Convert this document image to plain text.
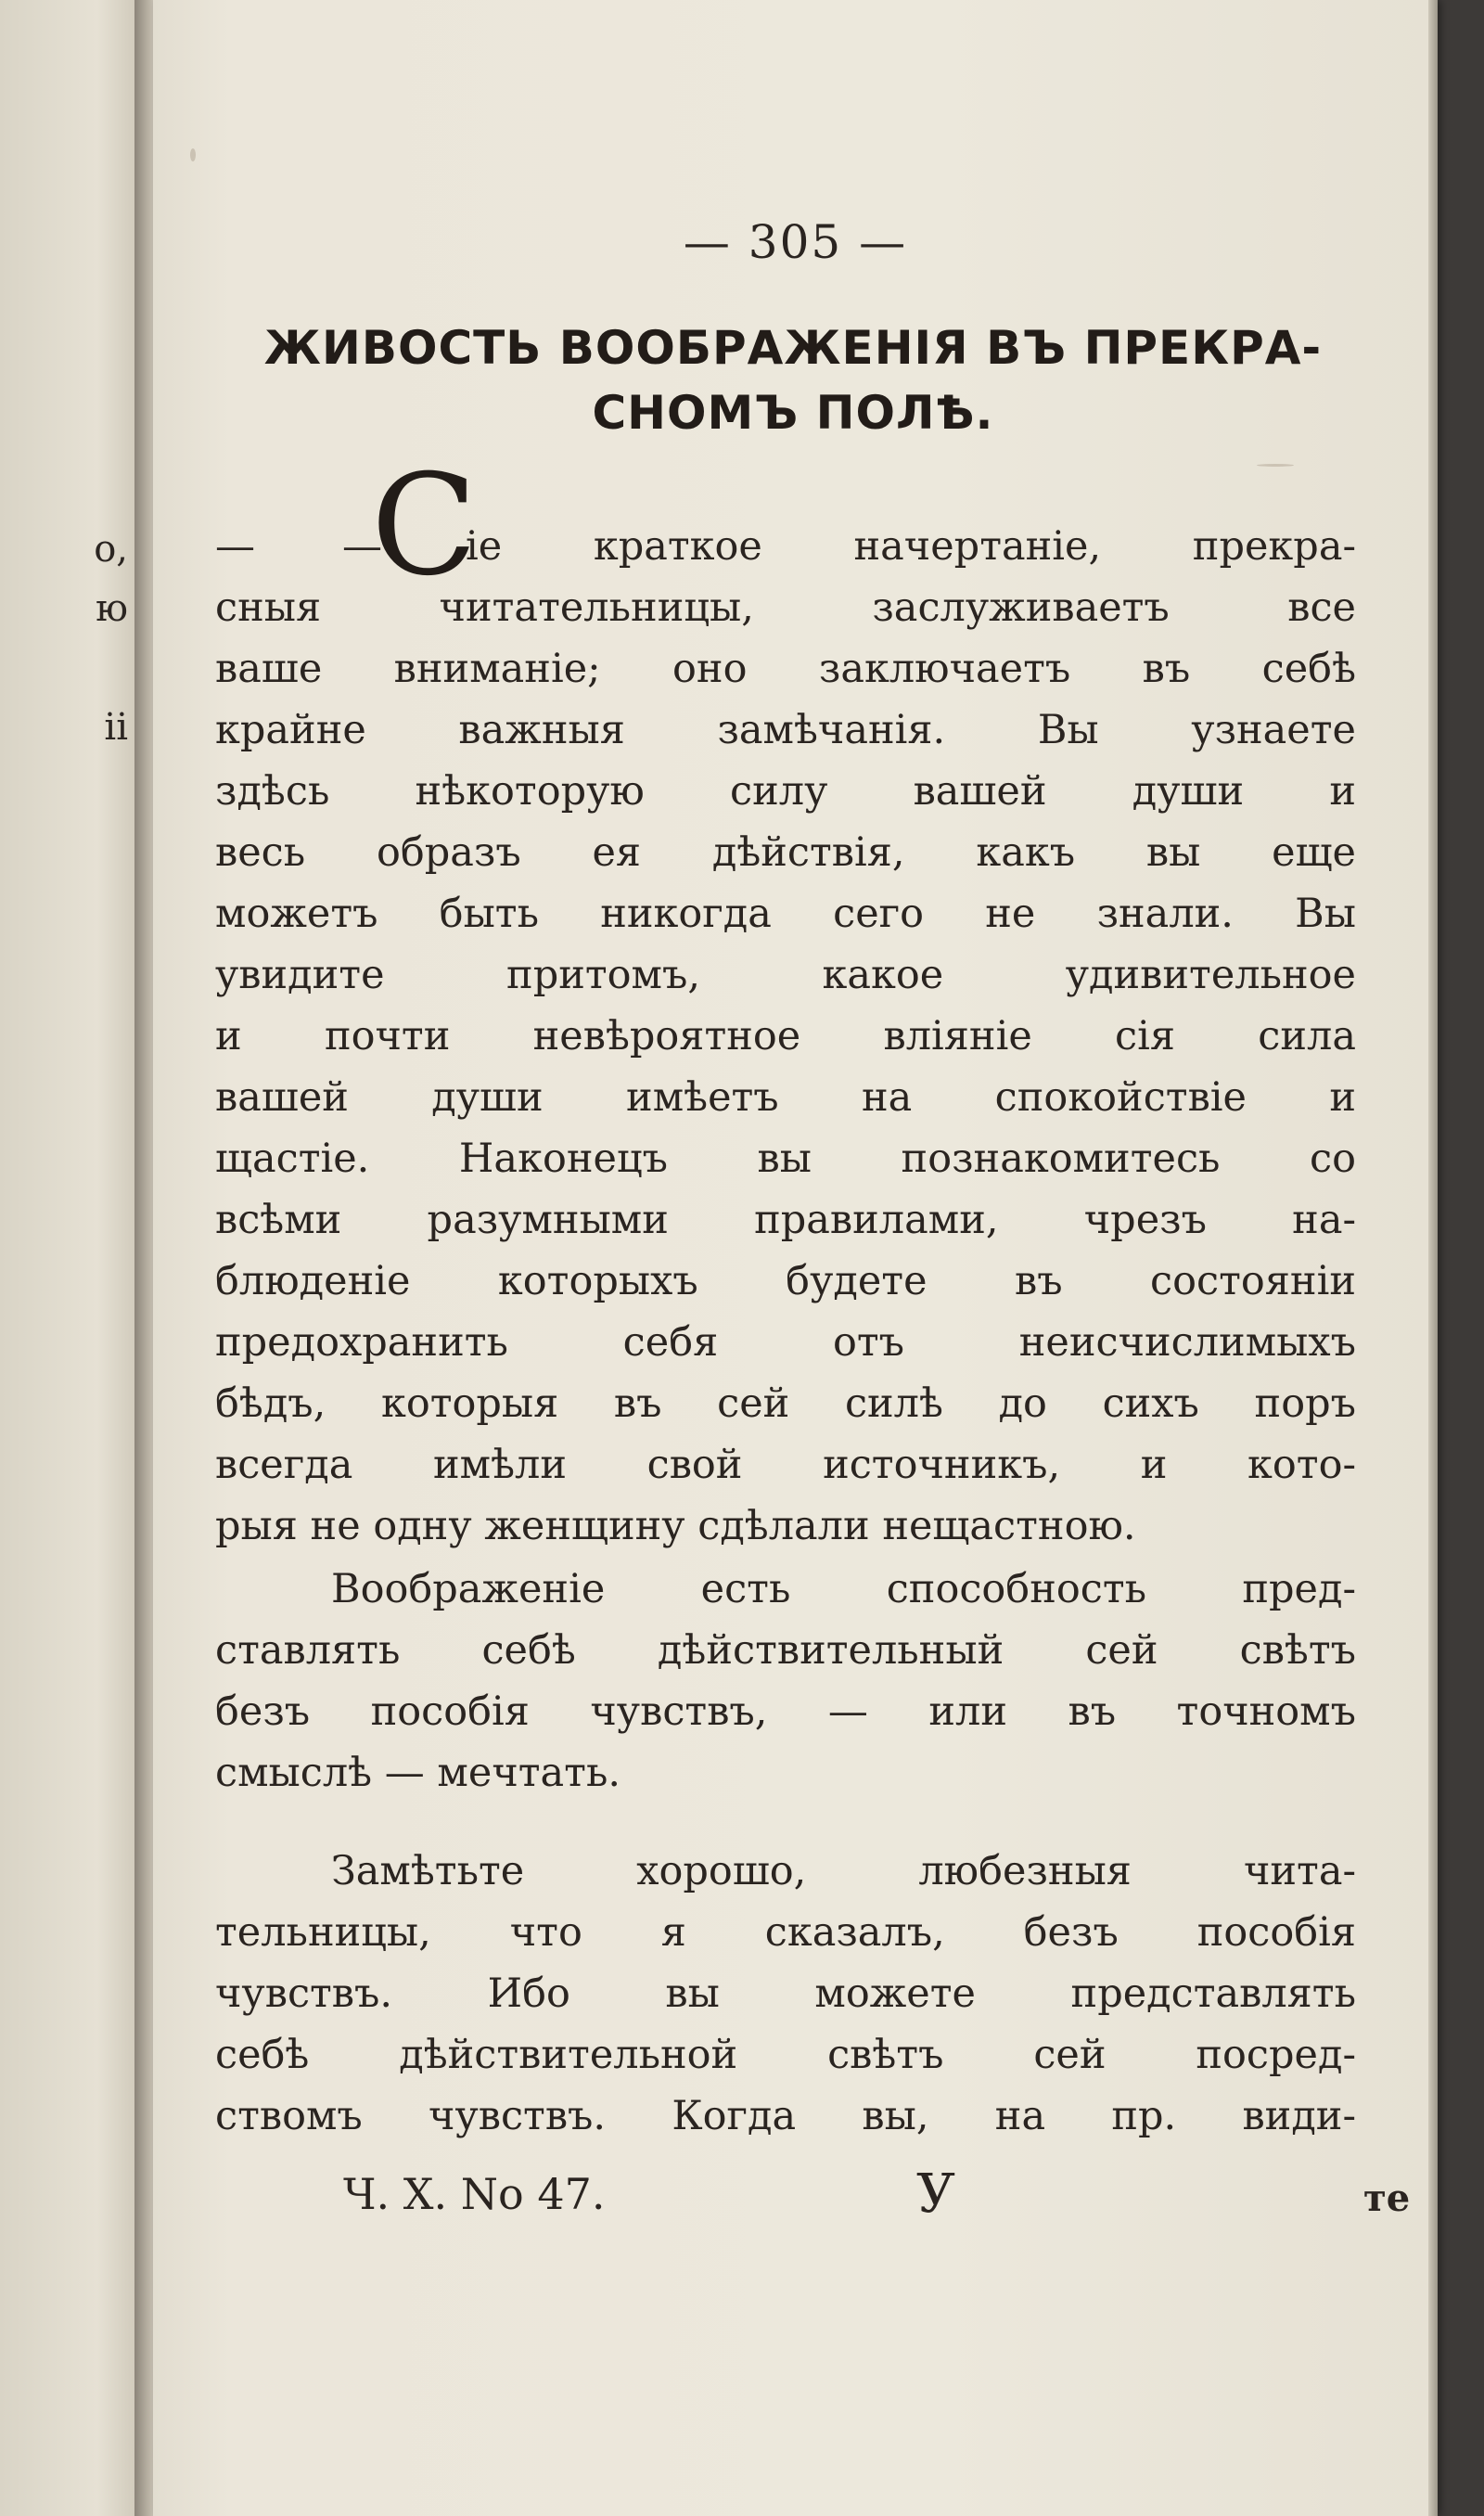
о,
ю
ii
— 305 —
ЖИВОСТЬ ВООБРАЖЕНІЯ ВЪ ПРЕКРА-
СНОМЪ ПОЛѢ.
С
— — іе краткое начертаніе, прекра-
сныя читательницы, заслуживаетъ все
ваше вниманіе; оно заключаетъ въ себѣ
крайне важныя замѣчанія. Вы узнаете
здѣсь нѣкоторую силу вашей души и
весь образъ ея дѣйствія, какъ вы еще
можетъ быть никогда сего не знали. Вы
увидите притомъ, какое удивительное
и почти невѣроятное вліяніе сія сила
вашей души имѣетъ на спокойствіе и
щастіе. Наконецъ вы познакомитесь со
всѣми разумными правилами, чрезъ на-
блюденіе которыхъ будете въ состояніи
предохранить себя отъ неисчислимыхъ
бѣдъ, которыя въ сей силѣ до сихъ поръ
всегда имѣли свой источникъ, и кото-
рыя не одну женщину сдѣлали нещастною.
Воображеніе есть способность пред-
ставлять себѣ дѣйствительный сей свѣтъ
безъ пособія чувствъ, — или въ точномъ
смыслѣ — мечтать.
Замѣтьте хорошо, любезныя чита-
тельницы, что я сказалъ, безъ пособія
чувствъ. Ибо вы можете представлять
себѣ дѣйствительной свѣтъ сей посред-
ствомъ чувствъ. Когда вы, на пр. види-
Ч. X. No 47.	У	те
